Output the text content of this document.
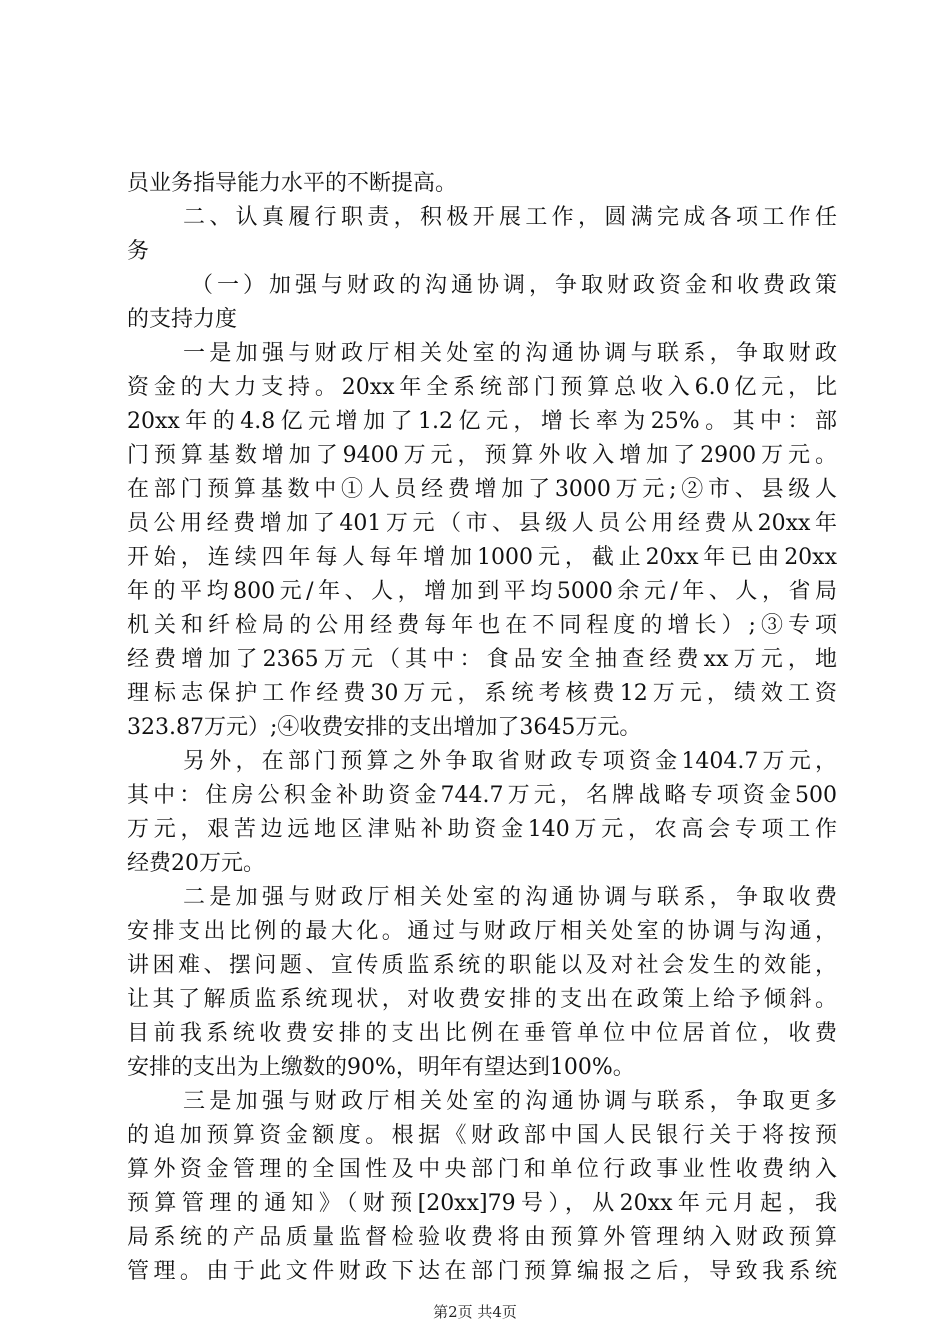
员业务指导能力水平的不断提高。
二、认真履行职责，积极开展工作，圆满完成各项工作任
务
（一）加强与财政的沟通协调，争取财政资金和收费政策
的支持力度
一是加强与财政厅相关处室的沟通协调与联系，争取财政
资金的大力支持。20xx年全系统部门预算总收入6.0亿元，比
20xx年的4.8亿元增加了1.2亿元，增长率为25%。其中：部
门预算基数增加了9400万元，预算外收入增加了2900万元。
在部门预算基数中①人员经费增加了3000万元;②市、县级人
员公用经费增加了401万元（市、县级人员公用经费从20xx年
开始，连续四年每人每年增加1000元，截止20xx年已由20xx
年的平均800元/年、人，增加到平均5000余元/年、人，省局
机关和纤检局的公用经费每年也在不同程度的增长）;③专项
经费增加了2365万元（其中：食品安全抽查经费xx万元，地
理标志保护工作经费30万元，系统考核费12万元，绩效工资
323.87万元）;④收费安排的支出增加了3645万元。
另外，在部门预算之外争取省财政专项资金1404.7万元，
其中：住房公积金补助资金744.7万元，名牌战略专项资金500
万元，艰苦边远地区津贴补助资金140万元，农高会专项工作
经费20万元。
二是加强与财政厅相关处室的沟通协调与联系，争取收费
安排支出比例的最大化。通过与财政厅相关处室的协调与沟通，
讲困难、摆问题、宣传质监系统的职能以及对社会发生的效能，
让其了解质监系统现状，对收费安排的支出在政策上给予倾斜。
目前我系统收费安排的支出比例在垂管单位中位居首位，收费
安排的支出为上缴数的90%，明年有望达到100%。
三是加强与财政厅相关处室的沟通协调与联系，争取更多
的追加预算资金额度。根据《财政部中国人民银行关于将按预
算外资金管理的全国性及中央部门和单位行政事业性收费纳入
预算管理的通知》（财预[20xx]79号），从20xx年元月起，我
局系统的产品质量监督检验收费将由预算外管理纳入财政预算
管理。由于此文件财政下达在部门预算编报之后，导致我系统
第2页 共4页
